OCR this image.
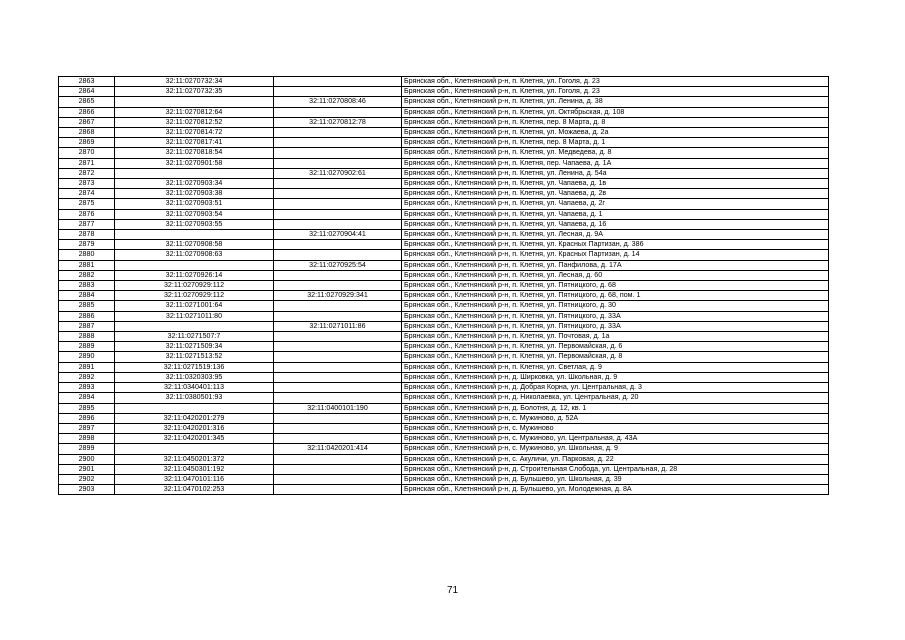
2863	32:11:0270732:34		Брянская обл., Клетнянский р-н, п. Клетня, ул. Гоголя, д. 23
2864	32:11:0270732:35		Брянская обл., Клетнянский р-н, п. Клетня, ул. Гоголя, д. 23
2865		32:11:0270808:46	Брянская обл., Клетнянский р-н, п. Клетня, ул. Ленина, д. 38
2866	32:11:0270812:64		Брянская обл., Клетнянский р-н, п. Клетня, ул. Октябрьская, д. 108
2867	32:11:0270812:52	32:11:0270812:78	Брянская обл., Клетнянский р-н, п. Клетня, пер. 8 Марта, д. 8
2868	32:11:0270814:72		Брянская обл., Клетнянский р-н, п. Клетня, ул. Можаева, д. 2а
2869	32:11:0270817:41		Брянская обл., Клетнянский р-н, п. Клетня, пер. 8 Марта, д. 1
2870	32:11:0270818:54		Брянская обл., Клетнянский р-н, п. Клетня, ул. Медведева, д. 8
2871	32:11:0270901:58		Брянская обл., Клетнянский р-н, п. Клетня, пер. Чапаева, д. 1А
2872		32:11:0270902:61	Брянская обл., Клетнянский р-н, п. Клетня, ул. Ленина, д. 54а
2873	32:11:0270903:34		Брянская обл., Клетнянский р-н, п. Клетня, ул. Чапаева, д. 1в
2874	32:11:0270903:38		Брянская обл., Клетнянский р-н, п. Клетня, ул. Чапаева, д. 2в
2875	32:11:0270903:51		Брянская обл., Клетнянский р-н, п. Клетня, ул. Чапаева, д. 2г
2876	32:11:0270903:54		Брянская обл., Клетнянский р-н, п. Клетня, ул. Чапаева, д. 1
2877	32:11:0270903:55		Брянская обл., Клетнянский р-н, п. Клетня, ул. Чапаева, д. 16
2878		32:11:0270904:41	Брянская обл., Клетнянский р-н, п. Клетня, ул. Лесная, д. 9А
2879	32:11:0270908:58		Брянская обл., Клетнянский р-н, п. Клетня, ул. Красных Партизан, д. 386
2880	32:11:0270908:63		Брянская обл., Клетнянский р-н, п. Клетня, ул. Красных Партизан, д. 14
2881		32:11:0270925:54	Брянская обл., Клетнянский р-н, п. Клетня, ул. Панфилова, д. 17А
2882	32:11:0270926:14		Брянская обл., Клетнянский р-н, п. Клетня, ул. Лесная, д. 60
2883	32:11:0270929:112		Брянская обл., Клетнянский р-н, п. Клетня, ул. Пятницкого, д. 68
2884	32:11:0270929:112	32:11:0270929:341	Брянская обл., Клетнянский р-н, п. Клетня, ул. Пятницкого, д. 68, пом. 1
2885	32:11:0271001:64		Брянская обл., Клетнянский р-н, п. Клетня, ул. Пятницкого, д. 30
2886	32:11:0271011:80		Брянская обл., Клетнянский р-н, п. Клетня, ул. Пятницкого, д. 33А
2887		32:11:0271011:86	Брянская обл., Клетнянский р-н, п. Клетня, ул. Пятницкого, д. 33А
2888	32:11:0271507:7		Брянская обл., Клетнянский р-н, п. Клетня, ул. Почтовая, д. 1а
2889	32:11:0271509:34		Брянская обл., Клетнянский р-н, п. Клетня, ул. Первомайская, д. 6
2890	32:11:0271513:52		Брянская обл., Клетнянский р-н, п. Клетня, ул. Первомайская, д. 8
2891	32:11:0271519:136		Брянская обл., Клетнянский р-н, п. Клетня, ул. Светлая, д. 9
2892	32:11:0320303:95		Брянская обл., Клетнянский р-н, д. Ширковка, ул. Школьная, д. 9
2893	32:11:0340401:113		Брянская обл., Клетнянский р-н, д. Добрая Корна, ул. Центральная, д. 3
2894	32:11:0380501:93		Брянская обл., Клетнянский р-н, д. Николаевка, ул. Центральная, д. 20
2895		32:11:0400101:190	Брянская обл., Клетнянский р-н, д. Болотня, д. 12, кв. 1
2896	32:11:0420201:279		Брянская обл., Клетнянский р-н, с. Мужиново, д. 52А
2897	32:11:0420201:316		Брянская обл., Клетнянский р-н, с. Мужиново
2898	32:11:0420201:345		Брянская обл., Клетнянский р-н, с. Мужиново, ул. Центральная, д. 43А
2899		32:11:0420201:414	Брянская обл., Клетнянский р-н, с. Мужиново, ул. Школьная, д. 9
2900	32:11:0450201:372		Брянская обл., Клетнянский р-н, с. Акуличи, ул. Парковая, д. 22
2901	32:11:0450301:192		Брянская обл., Клетнянский р-н, д. Строительная Слобода, ул. Центральная, д. 28
2902	32:11:0470101:116		Брянская обл., Клетнянский р-н, д. Бульшево, ул. Школьная, д. 39
2903	32:11:0470102:253		Брянская обл., Клетнянский р-н, д. Бульшево, ул. Молодежная, д. 8А
71
